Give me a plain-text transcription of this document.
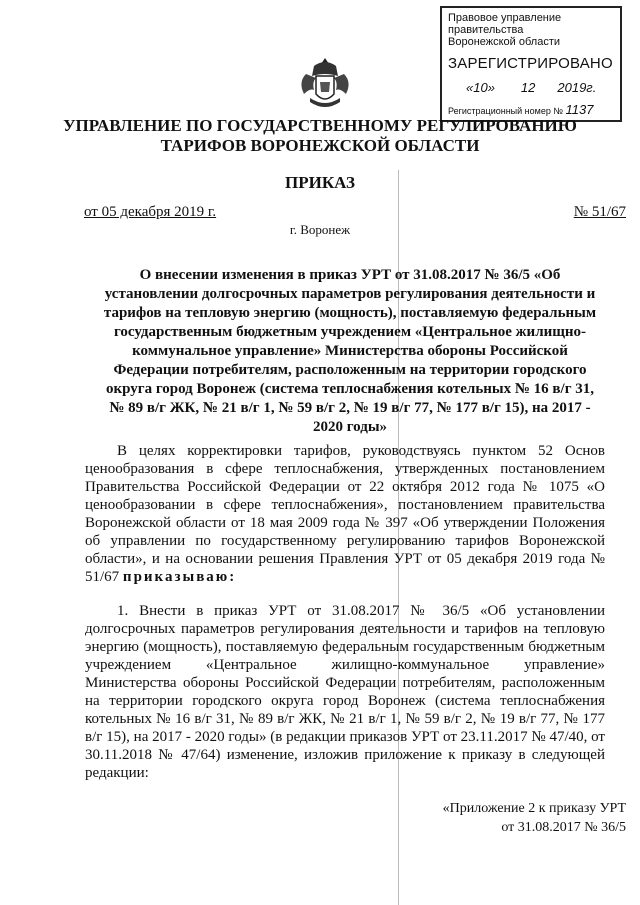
Правовое управление правительства
Воронежской области
ЗАРЕГИСТРИРОВАНО
«10» 12 2019г.
Регистрационный номер № 1137
УПРАВЛЕНИЕ ПО ГОСУДАРСТВЕННОМУ РЕГУЛИРОВАНИЮ
ТАРИФОВ ВОРОНЕЖСКОЙ ОБЛАСТИ
ПРИКАЗ
от 05 декабря 2019 г.	№ 51/67
г. Воронеж
О внесении изменения в приказ УРТ от 31.08.2017 № 36/5 «Об установлении долгосрочных параметров регулирования деятельности и тарифов на тепловую энергию (мощность), поставляемую федеральным государственным бюджетным учреждением «Центральное жилищно-коммунальное управление» Министерства обороны Российской Федерации потребителям, расположенным на территории городского округа город Воронеж (система теплоснабжения котельных № 16 в/г 31, № 89 в/г ЖК, № 21 в/г 1, № 59 в/г 2, № 19 в/г 77, № 177 в/г 15), на 2017 - 2020 годы»
В целях корректировки тарифов, руководствуясь пунктом 52 Основ ценообразования в сфере теплоснабжения, утвержденных постановлением Правительства Российской Федерации от 22 октября 2012 года № 1075 «О ценообразовании в сфере теплоснабжения», постановлением правительства Воронежской области от 18 мая 2009 года № 397 «Об утверждении Положения об управлении по государственному регулированию тарифов Воронежской области», и на основании решения Правления УРТ от 05 декабря 2019 года № 51/67 приказываю:
1. Внести в приказ УРТ от 31.08.2017 № 36/5 «Об установлении долгосрочных параметров регулирования деятельности и тарифов на тепловую энергию (мощность), поставляемую федеральным государственным бюджетным учреждением «Центральное жилищно-коммунальное управление» Министерства обороны Российской Федерации потребителям, расположенным на территории городского округа город Воронеж (система теплоснабжения котельных № 16 в/г 31, № 89 в/г ЖК, № 21 в/г 1, № 59 в/г 2, № 19 в/г 77, № 177 в/г 15), на 2017 - 2020 годы» (в редакции приказов УРТ от 23.11.2017 № 47/40, от 30.11.2018 № 47/64) изменение, изложив приложение к приказу в следующей редакции:
«Приложение 2 к приказу УРТ
от 31.08.2017 № 36/5
